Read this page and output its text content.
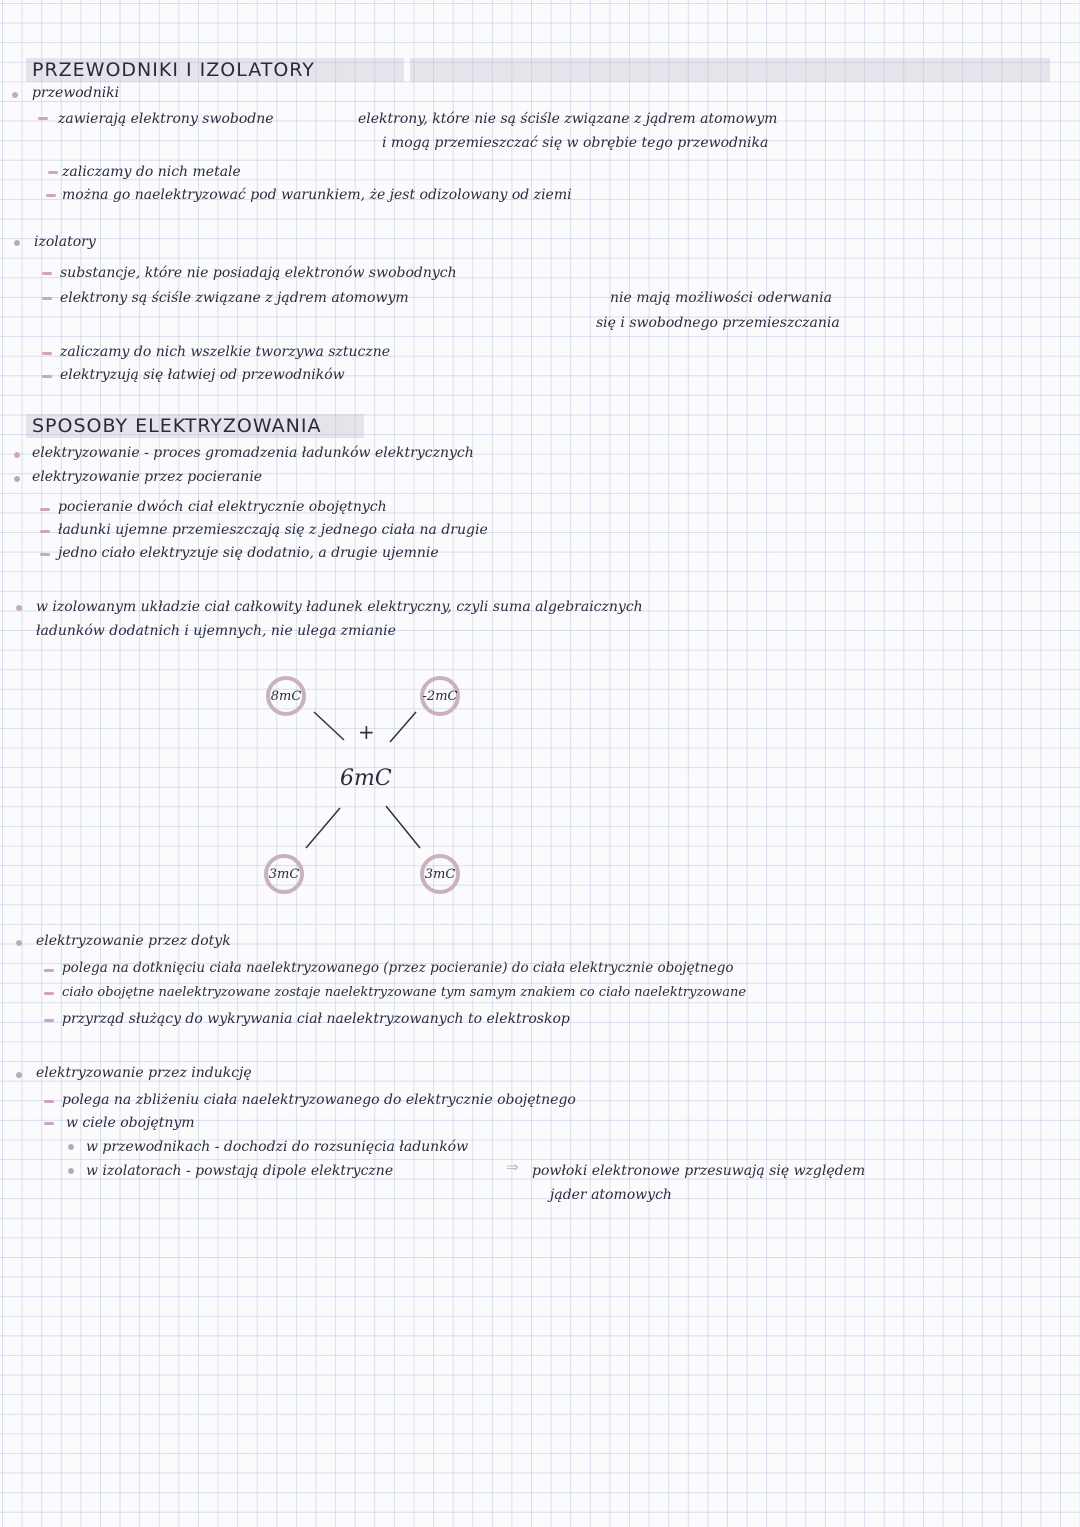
PRZEWODNIKI I IZOLATORY
przewodniki
zawierają elektrony swobodne	elektrony, które nie są ściśle związane z jądrem atomowym
i mogą przemieszczać się w obrębie tego przewodnika
zaliczamy do nich metale
można go naelektryzować pod warunkiem, że jest odizolowany od ziemi
izolatory
substancje, które nie posiadają elektronów swobodnych
elektrony są ściśle związane z jądrem atomowym	nie mają możliwości oderwania
się i swobodnego przemieszczania
zaliczamy do nich wszelkie tworzywa sztuczne
elektryzują się łatwiej od przewodników
SPOSOBY ELEKTRYZOWANIA
elektryzowanie - proces gromadzenia ładunków elektrycznych
elektryzowanie przez pocieranie
pocieranie dwóch ciał elektrycznie obojętnych
ładunki ujemne przemieszczają się z jednego ciała na drugie
jedno ciało elektryzuje się dodatnio, a drugie ujemnie
w izolowanym układzie ciał całkowity ładunek elektryczny, czyli suma algebraicznych
ładunków dodatnich i ujemnych, nie ulega zmianie
8mC	-2mC
+
6mC
3mC	3mC
elektryzowanie przez dotyk
polega na dotknięciu ciała naelektryzowanego (przez pocieranie) do ciała elektrycznie obojętnego
ciało obojętne naelektryzowane zostaje naelektryzowane tym samym znakiem co ciało naelektryzowane
przyrząd służący do wykrywania ciał naelektryzowanych to elektroskop
elektryzowanie przez indukcję
polega na zbliżeniu ciała naelektryzowanego do elektrycznie obojętnego
w ciele obojętnym
w przewodnikach - dochodzi do rozsunięcia ładunków
w izolatorach - powstają dipole elektryczne	⇒ powłoki elektronowe przesuwają się względem
jąder atomowych
